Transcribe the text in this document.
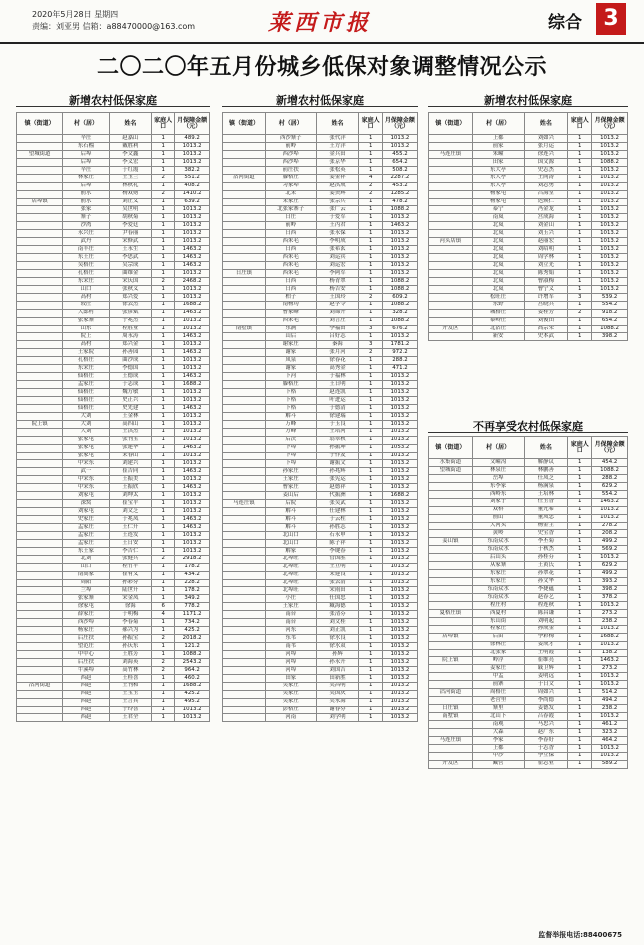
2020年5月28日 星期四
责编：刘亚男 信箱：a88470000@163.com	莱西市报	综合 3
二〇二〇年五月份城乡低保对象调整情况公示
新增农村低保家庭
镇（街道）	村（居）	姓名	家庭人口	月保障金额（元）
	辛庄	赵嘉山	1	489.2
	东石榴	戴胜利	1	1013.2
望城街道	后埠	李文鑫	1	1013.2
	后埠	李义宏	1	1013.2
	辛庄	于红霞	1	382.2
	林家庄	王玉兰	2	551.2
	后埠	林秋礼	1	408.2
	前水	杨双财	2	1410.2
店埠镇	前水	刘正义	1	639.2
	张家	吴世明	1	1013.2
	寨子	胡秋菊	1	1013.2
	沙湾	李爱廷	1	1013.2
	永兴庄	尹春丽	1	1013.2
	武丹	宋修武	1	1013.2
	南丰庄	王永生	1	1463.2
	东王庄	李思武	1	1463.2
	吴格庄	吴宗成	1	1463.2
	孔格庄	曲维金	1	1013.2
	东宋庄	宋庆国	2	2468.2
	山口	张秋义	1	1013.2
	高村	郑兴爱	1	1013.2
	较庄	徐云杰	1	1688.2
	大郎村	张彦斌	1	1463.2
	张家寨	于兆杰	1	1013.2
	山东	程胜业	1	1013.2
	院上	周永涛	1	1463.2
	高村	郑兴金	1	1013.2
	王家院	孙善园	1	1463.2
	孔格庄	曲沙成	1	1013.2
	东宋庄	李德国	1	1013.2
	仙格庄	王德成	1	1463.2
	孟家庄	于志成	1	1688.2
	仙格庄	魏方敏	1	1013.2
	仙格庄	史正兴	1	1013.2
	仙格庄	史先建	1	1463.2
	大刘	王金林	1	1013.2
院上镇	大刘	高四山	1	1013.2
	大刘	王洪杰	1	1013.2
	张家屯	张刊宝	1	1013.2
	张家屯	张建华	1	1463.2
	张家屯	宋春山	1	1013.2
	中宋东	刘建兴	1	1013.2
	武一	崔吉同	1	1463.2
	中宋东	王振美	1	1013.2
	中宋东	王振欣	1	1463.2
	刘家屯	刘坤太	1	1013.2
	深窝	崔宝平	1	1013.2
	刘家屯	刘文芝	1	1013.2
	史家庄	于兆凤	1	1463.2
	孟家庄	王仁升	1	1463.2
	孟家庄	王连发	1	1013.2
	孟家庄	王日安	1	1013.2
	东王家	李吉仁	1	1013.2
	北刘	张健兵	2	2918.2
	山口	程竹平	1	178.2
	南高家	崔有义	1	434.2
	周阳	孙彩芬	1	228.2
	兰埠	陆世升	1	178.2
	张家寨	宋金凤	1	349.2
	徐家屯	徐海	6	778.2
	薛家庄	于明梅	4	1171.2
	西沙埠	李春菊	1	734.2
	杨家庄	郝兴为	1	425.2
	后庄扶	孙振宝	2	2018.2
	望范庄	孙庆东	1	121.2
	中中心	王胜芳	1	1088.2
	后庄扶	刘海英	2	2543.2
	牛溪埠	高竹林	2	964.2
	西赵	王桂喜	1	460.2
沽河街道	西赵	王刊和	1	1688.2
	西赵	王宝玉	1	425.2
	西赵	王言宾	1	495.2
	西赵	于玲喜	1	1013.2
	西赵	王君全	1	1013.2
新增农村低保家庭
镇（街道）	村（居）	姓名	家庭人口	月保障金额（元）
	西沙寨子	张代洋	1	1013.2
	前岭	王方洋	1	1013.2
	西沙埠	金兵田	1	455.2
	西沙埠	张京华	1	654.2
	前庄扶	张松英	1	508.2
沽河街道	滕格庄	姜金祥	4	2287.2
	习家埠	赵洪成	2	453.2
	北宋	姜贵辉	2	1285.2
	宋家庄	张宗兵	1	478.2
	北张家寨子	张广云	1	1088.2
	日庄	于爱军	1	1013.2
	前岭	王丙君	1	1463.2
	日西	张永保	1	1013.2
	西朱毛	李明成	1	1013.2
	日西	张希玄	1	1013.2
	西朱毛	刘运宾	1	1013.2
	西朱毛	刘运宏	1	1013.2
日庄镇	西朱毛	李阿军	1	1013.2
	日西	杨青翠	1	1088.2
	日西	杨吉安	1	1088.2
	柏子	王国玲	2	609.2
	南杨均	赵学令	1	1088.2
	曹家峰	刘锦升	1	328.2
	西朱毛	刘言庄	1	1088.2
南墅镇	东涧	李福田	3	676.2
	山后	吕好志	1	1013.2
	谢家庄	秦海	3	1781.2
	谢家	张月河	2	972.2
	凤泉	徐春花	1	288.2
	谢家	高秀金	1	471.2
	下河	于福林	1	1013.2
	滕格庄	王日明	1	1013.2
	下格	赵连凯	1	1013.2
	下格	叶进运	1	1013.2
	下格	于德清	1	1013.2
	解斗	徐建瑞	1	1013.2
	万峰	于玉良	1	1013.2
	万峰	王培河	1	1013.2
	后沃	翁翠秋	1	1013.2
	下埠	孙振坤	1	1053.2
	下埠	于作友	1	1013.2
	下埠	谢振文	1	1013.2
	孙家庄	孙兆辉	1	1013.2
	王家庄	张宪运	1	1013.2
	曹家庄	赵德祥	1	1013.2
	姜山后	代振洲	1	1688.2
马连庄镇	后院	张吴武	1	1013.2
	解斗	任建林	1	1013.2
	解斗	于云柱	1	1013.2
	解斗	孙胜志	1	1013.2
	北山口	石永申	1	1013.2
	北山口	陈子祥	1	1013.2
	解家	李键春	1	1013.2
	北埠旺	管国胜	1	1013.2
	北埠旺	王立明	1	1013.2
	北埠旺	宋建良	1	1013.2
	北埠旺	张云清	1	1013.2
	北埠旺	宋雨田	1	1013.2
	小庄	任国忠	1	1013.2
	王家庄	臧海德	1	1013.2
	南台	张清芬	1	1013.2
	南台	刘文桂	1	1013.2
	河东	刘正凯	1	1013.2
	东苇	徐水良	1	1013.2
	南苇	徐水双	1	1013.2
	河埠	孙辉	1	1013.2
	河埠	孙永升	1	1013.2
	河埠	刘国吉	1	1013.2
	田家	田新胜	1	1013.2
	吴家庄	吴昌明	1	1013.2
	吴家庄	吴国庆	1	1013.2
	吴家庄	吴永海	1	1013.2
	彭格庄	谢春芬	1	1013.2
	河南	刘学明	1	1013.2
新增农村低保家庭
镇（街道）	村（居）	姓名	家庭人口	月保障金额（元）
	上都	刘如兴	1	1013.2
	前家	张月运	1	1013.2
马连庄镇	朱疃	徐连兴	1	1013.2
	田家	国文源	1	1088.2
	东大亭	史志杰	1	1013.2
	东大亭	王同涛	1	1013.2
	东大亭	刘志勇	1	1013.2
	杨家屯	吕海堂	1	1013.2
	杨家屯	迟焕仁	1	1013.2
	泰宁	冯金龙	1	1013.2
	南岚	宫成海	1	1013.2
	北岚	刘金山	1	1013.2
	北岚	刘玉兴	1	1013.2
河头店镇	北岚	赵丽宏	1	1013.2
	北岚	刘绍明	1	1013.2
	北岚	周学林	1	1013.2
	北岚	刘立光	1	1013.2
	北岚	陈秀娟	1	1013.2
	北岚	曹淑梅	1	1013.2
	北岚	曹宁义	1	1013.2
	松旺庄	许增军	3	539.2
	东野	宫晓兵	1	554.2
	城格庄	姜桂芳	2	918.2
	泰岭庄	刘俊田	1	654.2
开发区	北沽庄	高宗荣	1	1088.2
	新安	史本武	1	398.2
不再享受农村低保家庭
镇（街道）	村（居）	姓名	家庭人口	月保障金额（元）
水集街道	文疃沟	解静议	1	454.2
望城街道	林泉庄	林鹏善	1	1088.2
	岳埠	任凤芝	1	288.2
	东李家	杨满泉	1	629.2
	西岭东	王培林	1	554.2
	刘家子	任玉香	1	1463.2
	双桥	董元希	1	1013.2
	前山	董凤忠	1	1013.2
	大河头	杨金主	1	278.2
	黄岭	史宝香	1	208.2
姜山镇	东南众水	李丕菊	1	499.2
	东南众水	于秋杰	1	569.2
	后山头	孙桂芬	1	1013.2
	从家寨	王黄氏	1	629.2
	东家庄	孙翠花	1	499.2
	东家庄	孙文华	1	393.2
	东南众水	李捷蕴	1	398.2
	东南众水	赵春艺	1	378.2
	程庄村	程连秋	1	1013.2
夏格庄镇	西夏村	陈昌谦	1	273.2
	东山街	刘明起	1	238.2
	程家庄	孙成金	1	1013.2
店埠镇	后由	李彩梅	1	1688.2
	徐林庄	姜成才	1	1013.2
	北张家	王明霞	1	138.2
院上镇	岭浮	崔维亮	1	1463.2
	姜家庄	戚卫辉	1	273.2
	中孟	姜明远	1	1013.2
	前寨	于日文	1	1013.2
沽河街道	周格庄	周如兴	1	514.2
	老营里	李尚德	1	494.2
日庄镇	寨里	姜德发	1	238.2
南墅镇	北山下	吕春霞	1	1013.2
	南观	马忠兴	1	461.2
	大森	赵广东	1	323.2
马连庄镇	李家	李春好	1	464.2
	上都	于志香	1	1013.2
	中沙	李立保	1	1013.2
开发区	藏营	崔志业	1	589.2
监督举报电话:88400675
